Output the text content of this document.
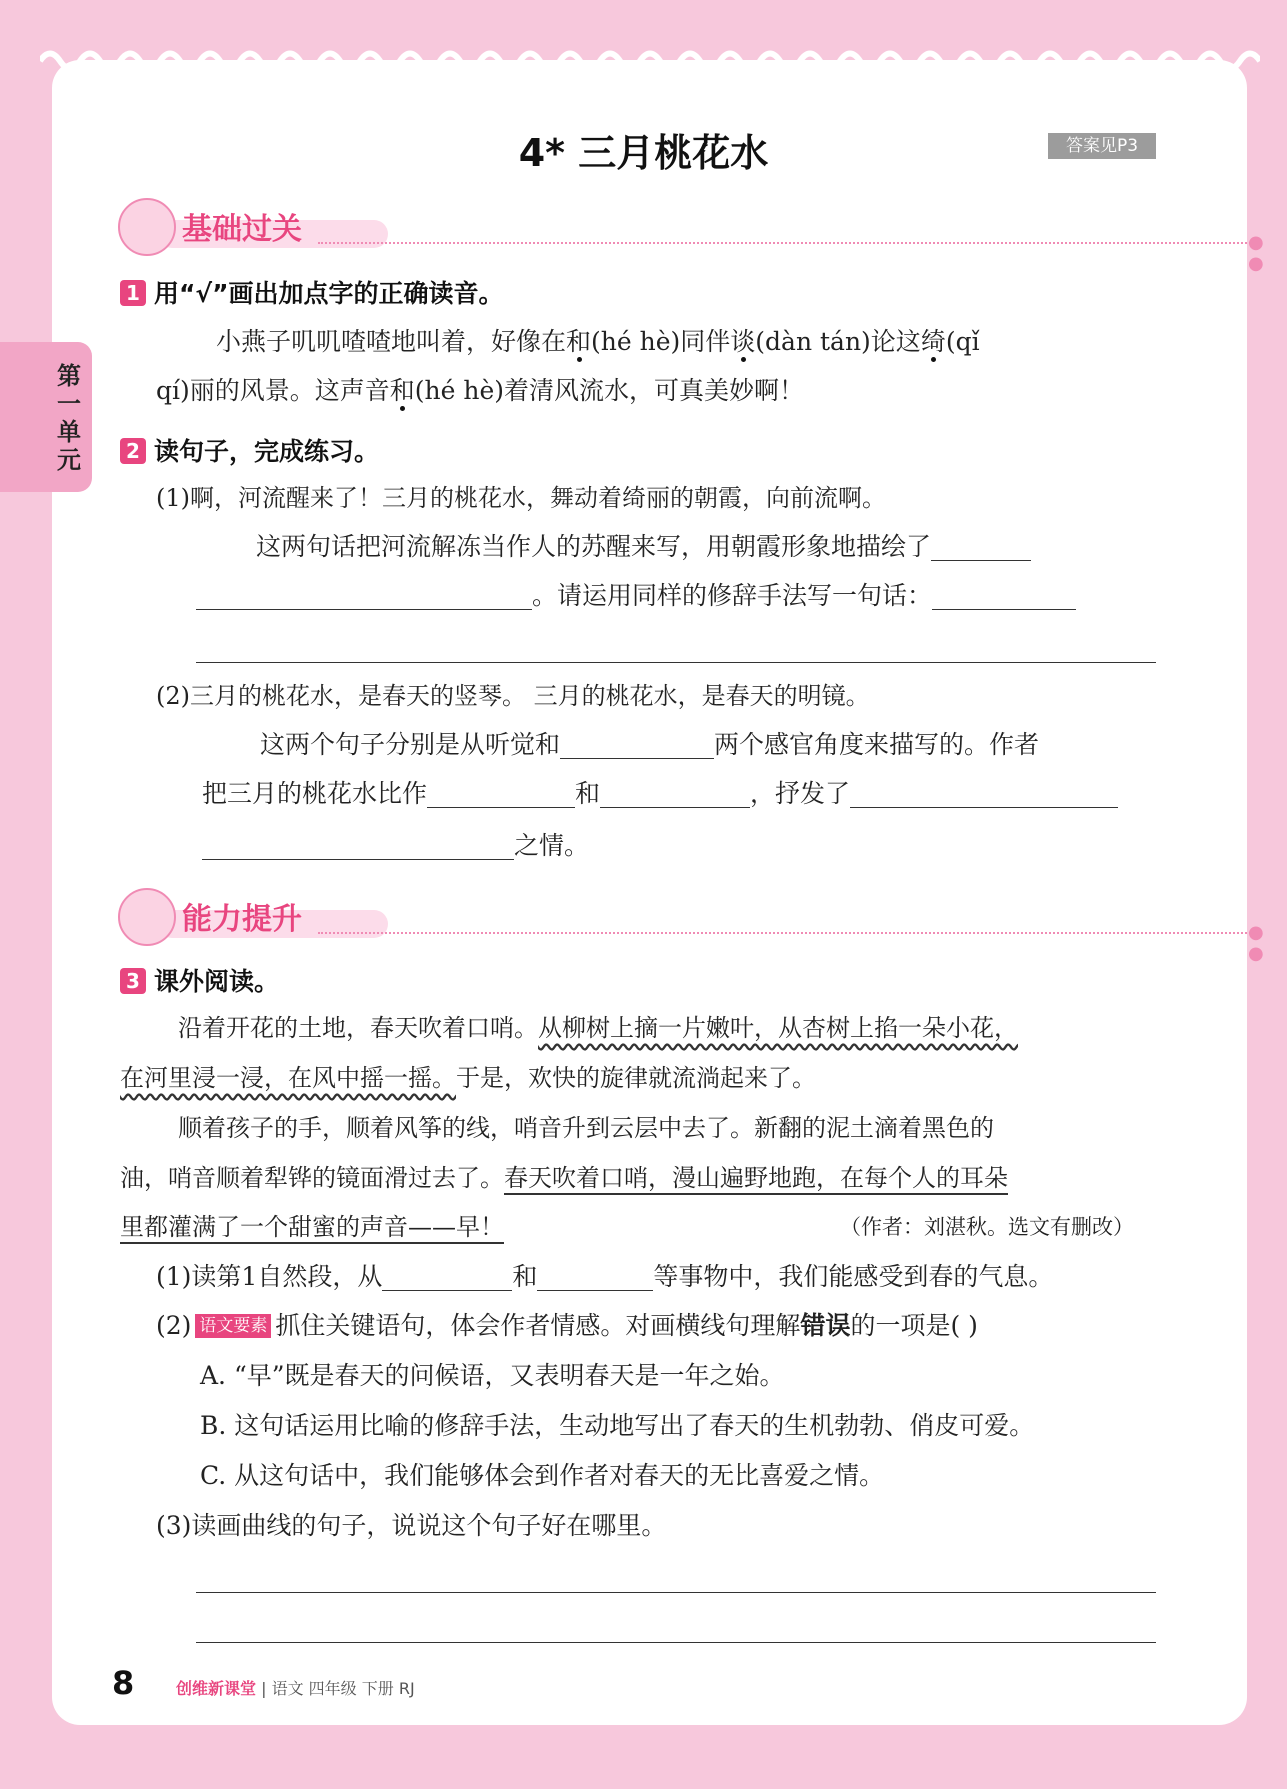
第一单元
4* 三月桃花水	答案见P3
基础过关	● ●
1 用“√”画出加点字的正确读音。
小燕子叽叽喳喳地叫着，好像在和(hé hè)同伴谈(dàn tán)论这绮(qǐ
qí)丽的风景。这声音和(hé hè)着清风流水，可真美妙啊！
2 读句子，完成练习。
(1)啊，河流醒来了！三月的桃花水，舞动着绮丽的朝霞，向前流啊。
这两句话把河流解冻当作人的苏醒来写，用朝霞形象地描绘了
。请运用同样的修辞手法写一句话：
(2)三月的桃花水，是春天的竖琴。 三月的桃花水，是春天的明镜。
这两个句子分别是从听觉和	两个感官角度来描写的。作者
把三月的桃花水比作	和	，抒发了
之情。
能力提升	● ●
3 课外阅读。
沿着开花的土地，春天吹着口哨。从柳树上摘一片嫩叶，从杏树上掐一朵小花，
在河里浸一浸，在风中摇一摇。于是，欢快的旋律就流淌起来了。
顺着孩子的手，顺着风筝的线，哨音升到云层中去了。新翻的泥土滴着黑色的
油，哨音顺着犁铧的镜面滑过去了。春天吹着口哨，漫山遍野地跑，在每个人的耳朵
里都灌满了一个甜蜜的声音——早！	（作者：刘湛秋。选文有删改）
(1)读第1自然段，从	和	等事物中，我们能感受到春的气息。
(2) 语文要素 抓住关键语句，体会作者情感。对画横线句理解错误的一项是( )
A. “早”既是春天的问候语，又表明春天是一年之始。
B. 这句话运用比喻的修辞手法，生动地写出了春天的生机勃勃、俏皮可爱。
C. 从这句话中，我们能够体会到作者对春天的无比喜爱之情。
(3)读画曲线的句子，说说这个句子好在哪里。
8	创维新课堂 | 语文 四年级 下册 RJ
